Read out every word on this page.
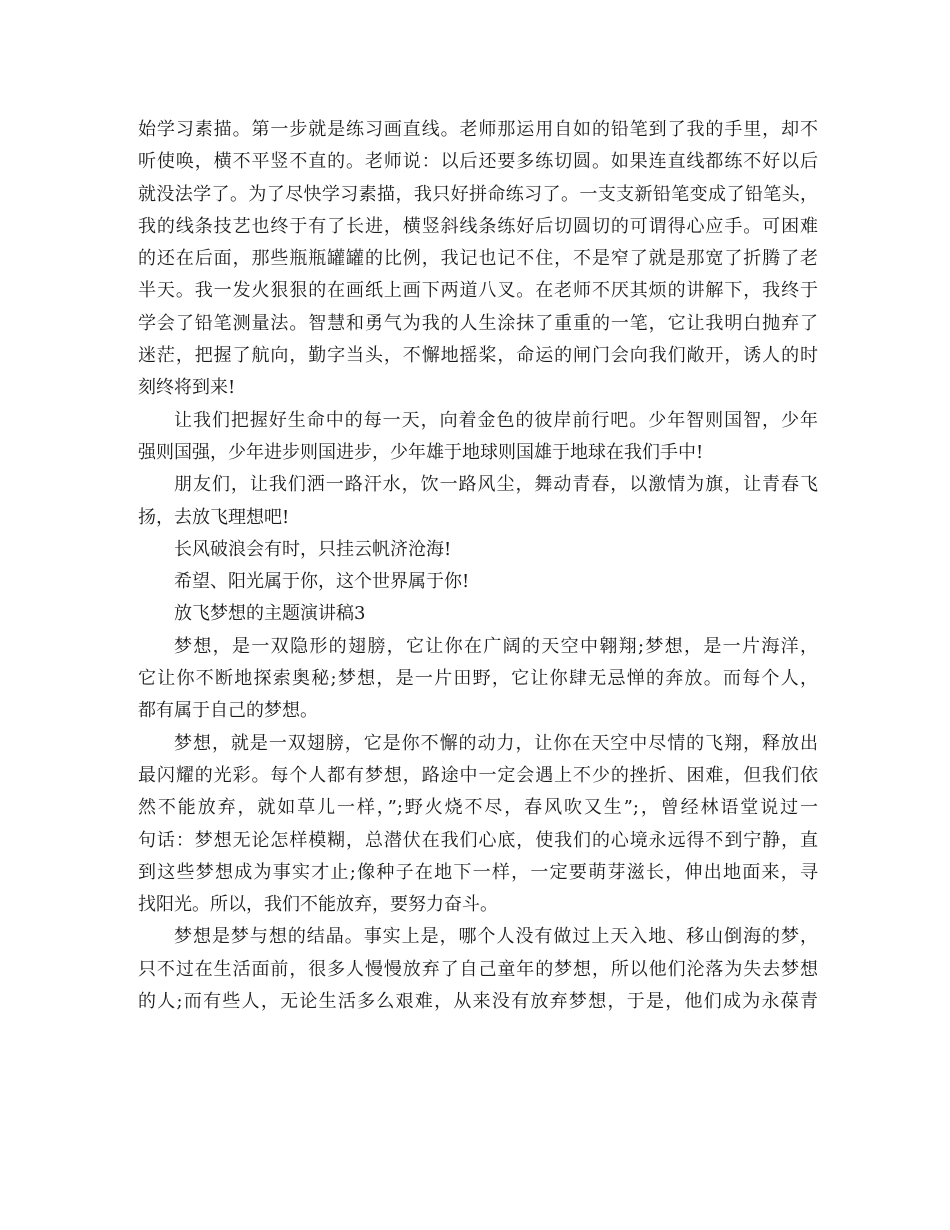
始学习素描。第一步就是练习画直线。老师那运用自如的铅笔到了我的手里，却不
听使唤，横不平竖不直的。老师说：以后还要多练切圆。如果连直线都练不好以后
就没法学了。为了尽快学习素描，我只好拼命练习了。一支支新铅笔变成了铅笔头，
我的线条技艺也终于有了长进，横竖斜线条练好后切圆切的可谓得心应手。可困难
的还在后面，那些瓶瓶罐罐的比例，我记也记不住，不是窄了就是那宽了折腾了老
半天。我一发火狠狠的在画纸上画下两道八叉。在老师不厌其烦的讲解下，我终于
学会了铅笔测量法。智慧和勇气为我的人生涂抹了重重的一笔，它让我明白抛弃了
迷茫，把握了航向，勤字当头，不懈地摇桨，命运的闸门会向我们敞开，诱人的时
刻终将到来!
让我们把握好生命中的每一天，向着金色的彼岸前行吧。少年智则国智，少年
强则国强，少年进步则国进步，少年雄于地球则国雄于地球在我们手中!
朋友们，让我们洒一路汗水，饮一路风尘，舞动青春，以激情为旗，让青春飞
扬，去放飞理想吧!
长风破浪会有时，只挂云帆济沧海!
希望、阳光属于你，这个世界属于你!
放飞梦想的主题演讲稿3
梦想，是一双隐形的翅膀，它让你在广阔的天空中翱翔;梦想，是一片海洋，
它让你不断地探索奥秘;梦想，是一片田野，它让你肆无忌惮的奔放。而每个人，
都有属于自己的梦想。
梦想，就是一双翅膀，它是你不懈的动力，让你在天空中尽情的飞翔，释放出
最闪耀的光彩。每个人都有梦想，路途中一定会遇上不少的挫折、困难，但我们依
然不能放弃，就如草儿一样，”;野火烧不尽，春风吹又生”;，曾经林语堂说过一
句话：梦想无论怎样模糊，总潜伏在我们心底，使我们的心境永远得不到宁静，直
到这些梦想成为事实才止;像种子在地下一样，一定要萌芽滋长，伸出地面来，寻
找阳光。所以，我们不能放弃，要努力奋斗。
梦想是梦与想的结晶。事实上是，哪个人没有做过上天入地、移山倒海的梦，
只不过在生活面前，很多人慢慢放弃了自己童年的梦想，所以他们沦落为失去梦想
的人;而有些人，无论生活多么艰难，从来没有放弃梦想，于是，他们成为永葆青
